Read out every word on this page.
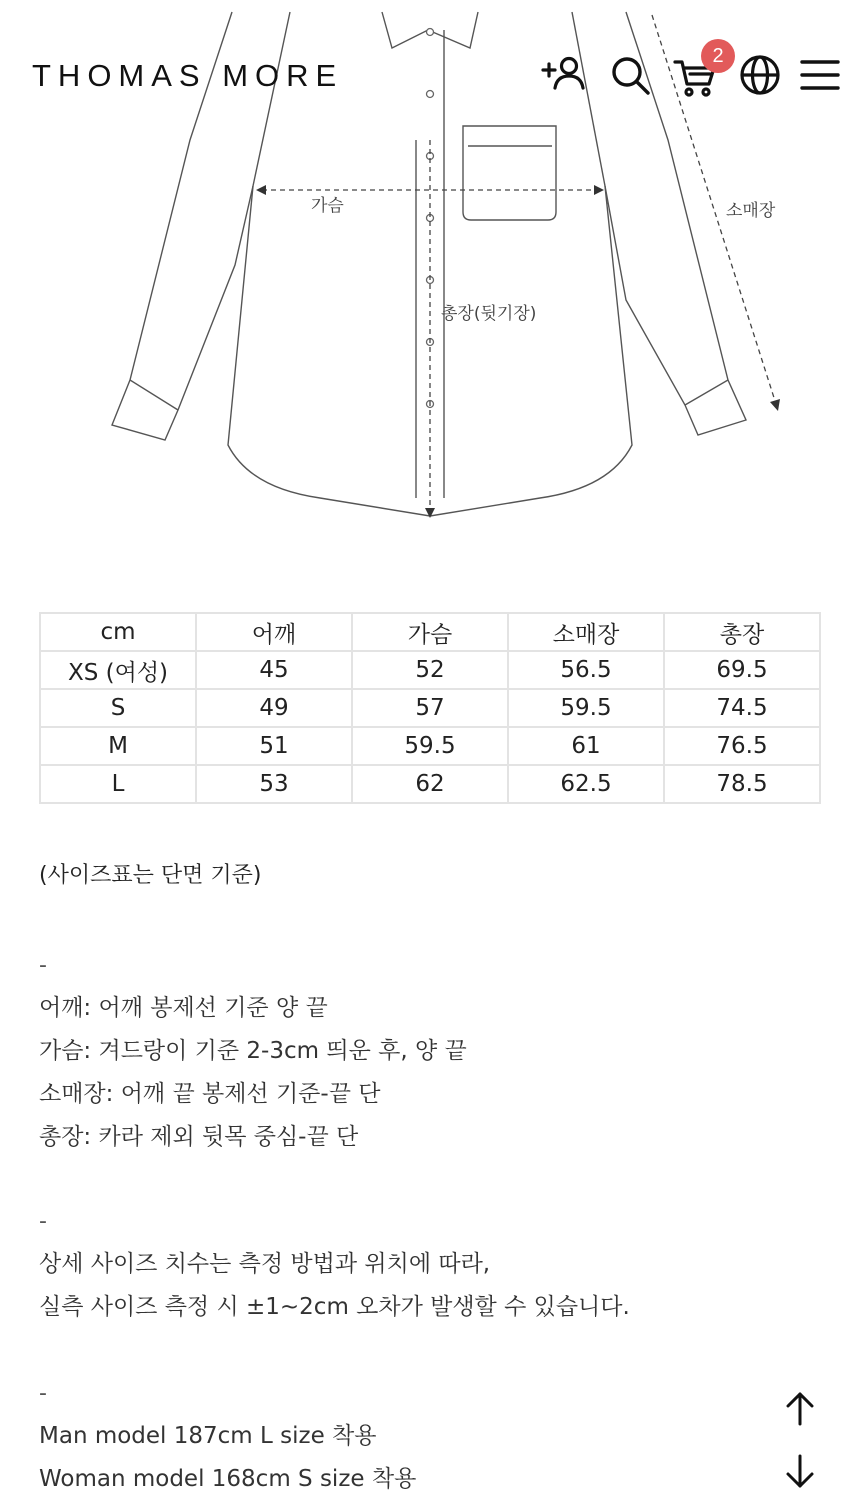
가슴	소매장
총장(뒷기장)
THOMAS MORE
2
cm	어깨	가슴	소매장	총장
XS (여성)	45	52	56.5	69.5
S	49	57	59.5	74.5
M	51	59.5	61	76.5
L	53	62	62.5	78.5
(사이즈표는 단면 기준)
-
어깨: 어깨 봉제선 기준 양 끝
가슴: 겨드랑이 기준 2-3cm 띄운 후, 양 끝
소매장: 어깨 끝 봉제선 기준-끝 단
총장: 카라 제외 뒷목 중심-끝 단
-
상세 사이즈 치수는 측정 방법과 위치에 따라,
실측 사이즈 측정 시 ±1~2cm 오차가 발생할 수 있습니다.
-
Man model 187cm L size 착용
Woman model 168cm S size 착용
